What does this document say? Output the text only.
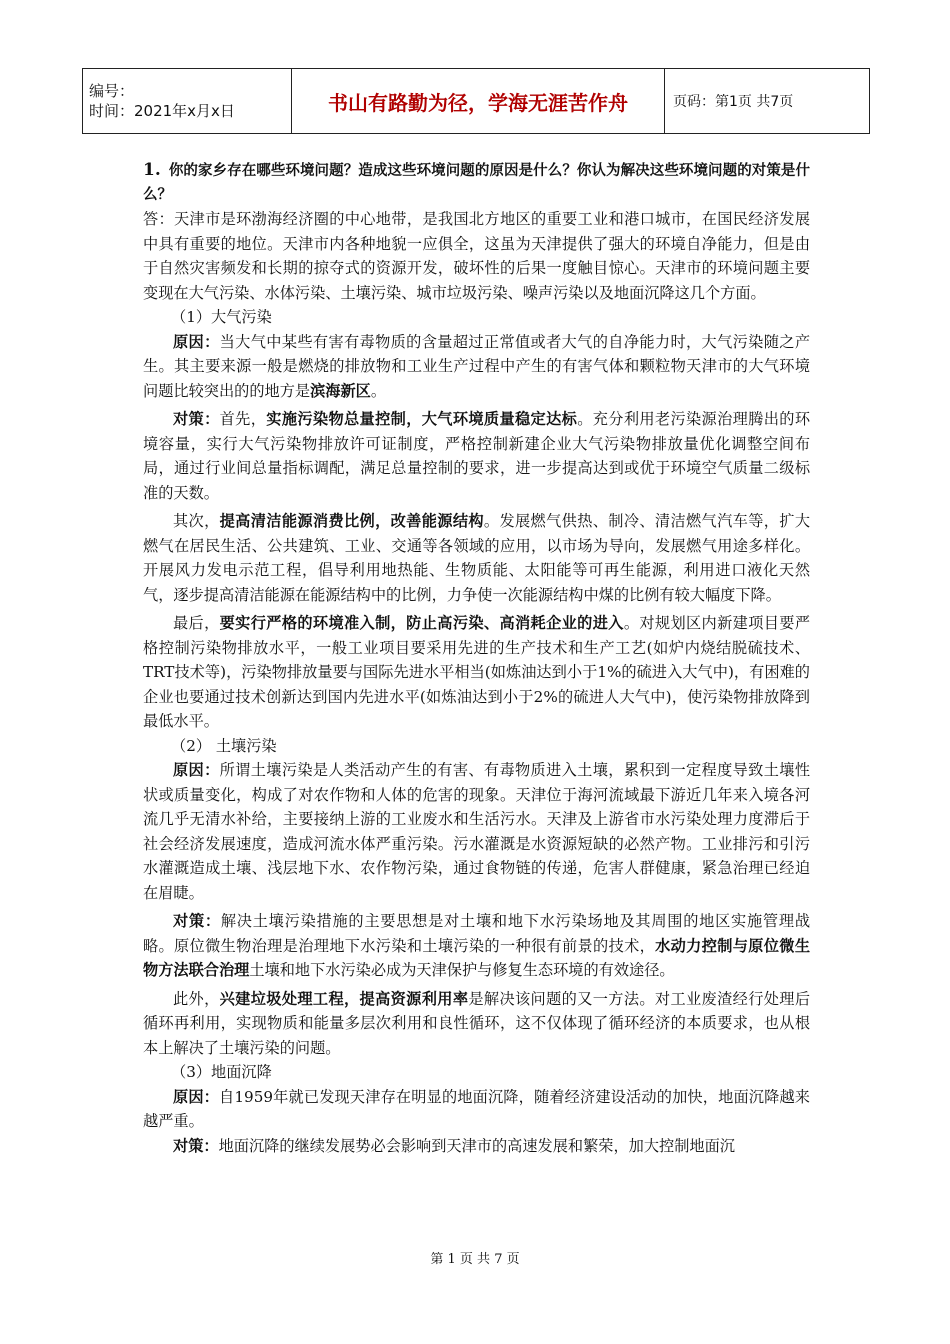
编号：
时间：2021年x月x日	书山有路勤为径，学海无涯苦作舟	页码：第1页 共7页

1. 你的家乡存在哪些环境问题？造成这些环境问题的原因是什么？你认为解决这些环境问题的对策是什么？

答：天津市是环渤海经济圈的中心地带，是我国北方地区的重要工业和港口城市，在国民经济发展中具有重要的地位。天津市内各种地貌一应俱全，这虽为天津提供了强大的环境自净能力，但是由于自然灾害频发和长期的掠夺式的资源开发，破坏性的后果一度触目惊心。天津市的环境问题主要变现在大气污染、水体污染、土壤污染、城市垃圾污染、噪声污染以及地面沉降这几个方面。

（1）大气污染

原因：当大气中某些有害有毒物质的含量超过正常值或者大气的自净能力时，大气污染随之产生。其主要来源一般是燃烧的排放物和工业生产过程中产生的有害气体和颗粒物天津市的大气环境问题比较突出的的地方是滨海新区。

对策：首先，实施污染物总量控制，大气环境质量稳定达标。充分利用老污染源治理腾出的环境容量，实行大气污染物排放许可证制度，严格控制新建企业大气污染物排放量优化调整空间布局，通过行业间总量指标调配，满足总量控制的要求，进一步提高达到或优于环境空气质量二级标准的天数。

其次，提高清洁能源消费比例，改善能源结构。发展燃气供热、制冷、清洁燃气汽车等，扩大燃气在居民生活、公共建筑、工业、交通等各领域的应用，以市场为导向，发展燃气用途多样化。开展风力发电示范工程，倡导利用地热能、生物质能、太阳能等可再生能源，利用进口液化天然气，逐步提高清洁能源在能源结构中的比例，力争使一次能源结构中煤的比例有较大幅度下降。

最后，要实行严格的环境准入制，防止高污染、高消耗企业的进入。对规划区内新建项目要严格控制污染物排放水平，一般工业项目要采用先进的生产技术和生产工艺(如炉内烧结脱硫技术、TRT技术等)，污染物排放量要与国际先进水平相当(如炼油达到小于1%的硫进入大气中)，有困难的企业也要通过技术创新达到国内先进水平(如炼油达到小于2%的硫进人大气中)，使污染物排放降到最低水平。

（2） 土壤污染

原因：所谓土壤污染是人类活动产生的有害、有毒物质进入土壤，累积到一定程度导致土壤性状或质量变化，构成了对农作物和人体的危害的现象。天津位于海河流域最下游近几年来入境各河流几乎无清水补给，主要接纳上游的工业废水和生活污水。天津及上游省市水污染处理力度滞后于社会经济发展速度，造成河流水体严重污染。污水灌溉是水资源短缺的必然产物。工业排污和引污水灌溉造成土壤、浅层地下水、农作物污染，通过食物链的传递，危害人群健康，紧急治理已经迫在眉睫。

对策：解决土壤污染措施的主要思想是对土壤和地下水污染场地及其周围的地区实施管理战略。原位微生物治理是治理地下水污染和土壤污染的一种很有前景的技术，水动力控制与原位微生物方法联合治理土壤和地下水污染必成为天津保护与修复生态环境的有效途径。

此外，兴建垃圾处理工程，提高资源利用率是解决该问题的又一方法。对工业废渣经行处理后循环再利用，实现物质和能量多层次利用和良性循环，这不仅体现了循环经济的本质要求，也从根本上解决了土壤污染的问题。

（3）地面沉降

原因：自1959年就已发现天津存在明显的地面沉降，随着经济建设活动的加快，地面沉降越来越严重。

对策：地面沉降的继续发展势必会影响到天津市的高速发展和繁荣，加大控制地面沉

第 1 页 共 7 页
